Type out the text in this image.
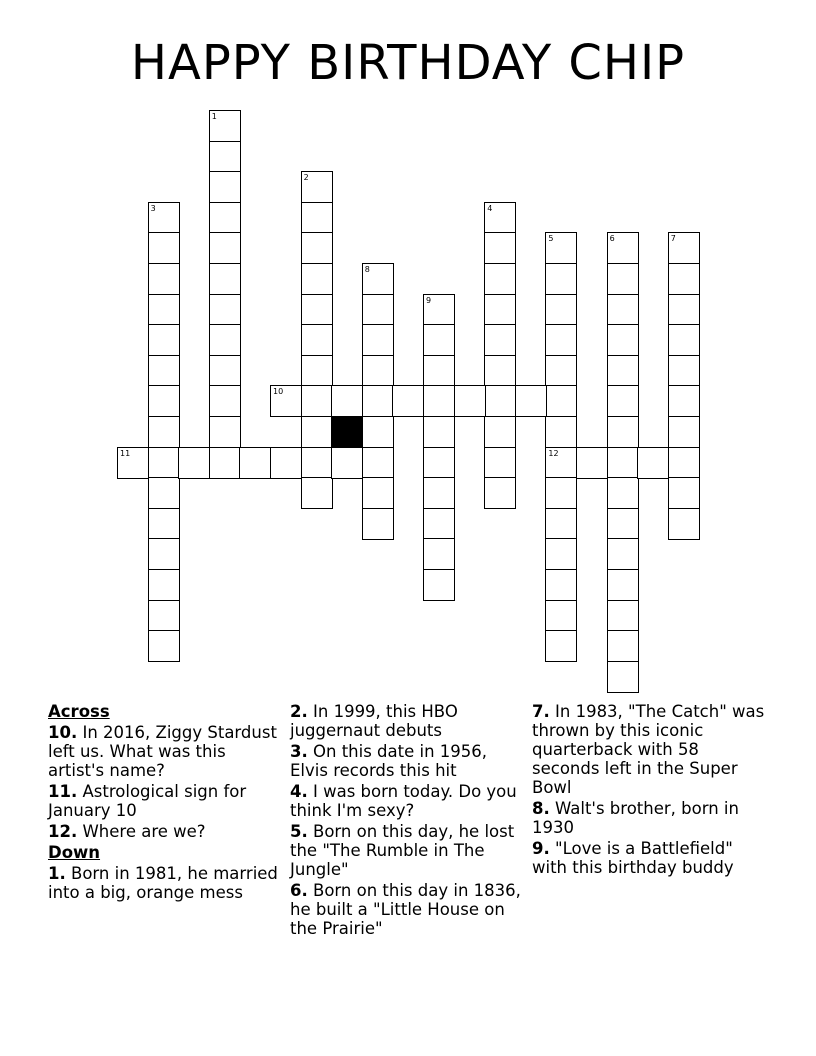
HAPPY BIRTHDAY CHIP
1
2
3	4
5
12
6	7
8
9
10
11
Across
10. In 2016, Ziggy Stardust left us. What was this artist's name?
11. Astrological sign for January 10
12. Where are we?
Down
1. Born in 1981, he married into a big, orange mess
2. In 1999, this HBO juggernaut debuts
3. On this date in 1956, Elvis records this hit
4. I was born today. Do you think I'm sexy?
5. Born on this day, he lost the "The Rumble in The Jungle"
6. Born on this day in 1836, he built a "Little House on the Prairie"
7. In 1983, "The Catch" was thrown by this iconic quarterback with 58 seconds left in the Super Bowl
8. Walt's brother, born in 1930
9. "Love is a Battlefield" with this birthday buddy
